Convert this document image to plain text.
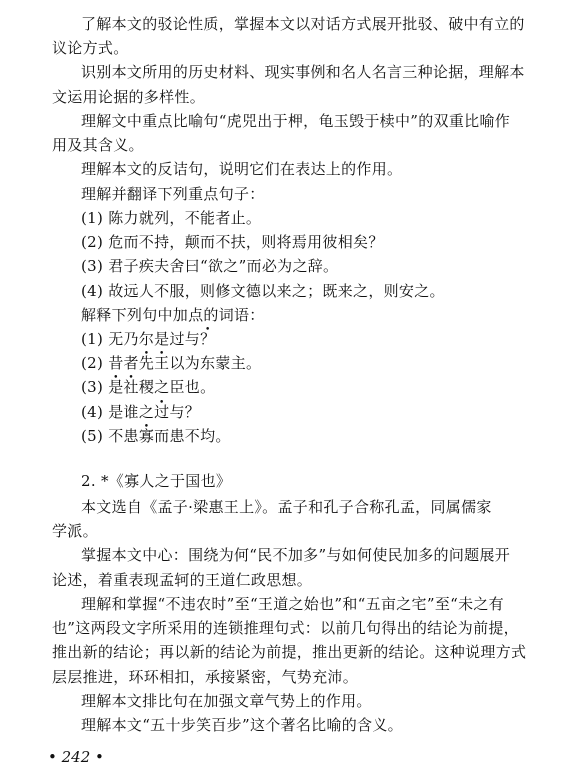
了解本文的驳论性质，掌握本文以对话方式展开批驳、破中有立的
议论方式。
识别本文所用的历史材料、现实事例和名人名言三种论据，理解本
文运用论据的多样性。
理解文中重点比喻句“虎兕出于柙，龟玉毁于椟中”的双重比喻作
用及其含义。
理解本文的反诘句，说明它们在表达上的作用。
理解并翻译下列重点句子：
(1) 陈力就列，不能者止。
(2) 危而不持，颠而不扶，则将焉用彼相矣？
(3) 君子疾夫舍曰“欲之”而必为之辞。
(4) 故远人不服，则修文德以来之；既来之，则安之。
解释下列句中加点的词语：
(1) 无乃尔是过与• ？
(2) 昔者先王以为东蒙主。
(3) 是社稷之臣也。
(4) 是谁之过与？
(5) 不患寡而患不均。
2. *《寡人之于国也》
本文选自《孟子·梁惠王上》。孟子和孔子合称孔孟，同属儒家
学派。
掌握本文中心：围绕为何“民不加多”与如何使民加多的问题展开
论述，着重表现孟轲的王道仁政思想。
理解和掌握“不违农时”至“王道之始也”和“五亩之宅”至“未之有
也”这两段文字所采用的连锁推理句式：以前几句得出的结论为前提，
推出新的结论；再以新的结论为前提，推出更新的结论。这种说理方式
层层推进，环环相扣，承接紧密，气势充沛。
理解本文排比句在加强文章气势上的作用。
理解本文“五十步笑百步”这个著名比喻的含义。
• 242 •
